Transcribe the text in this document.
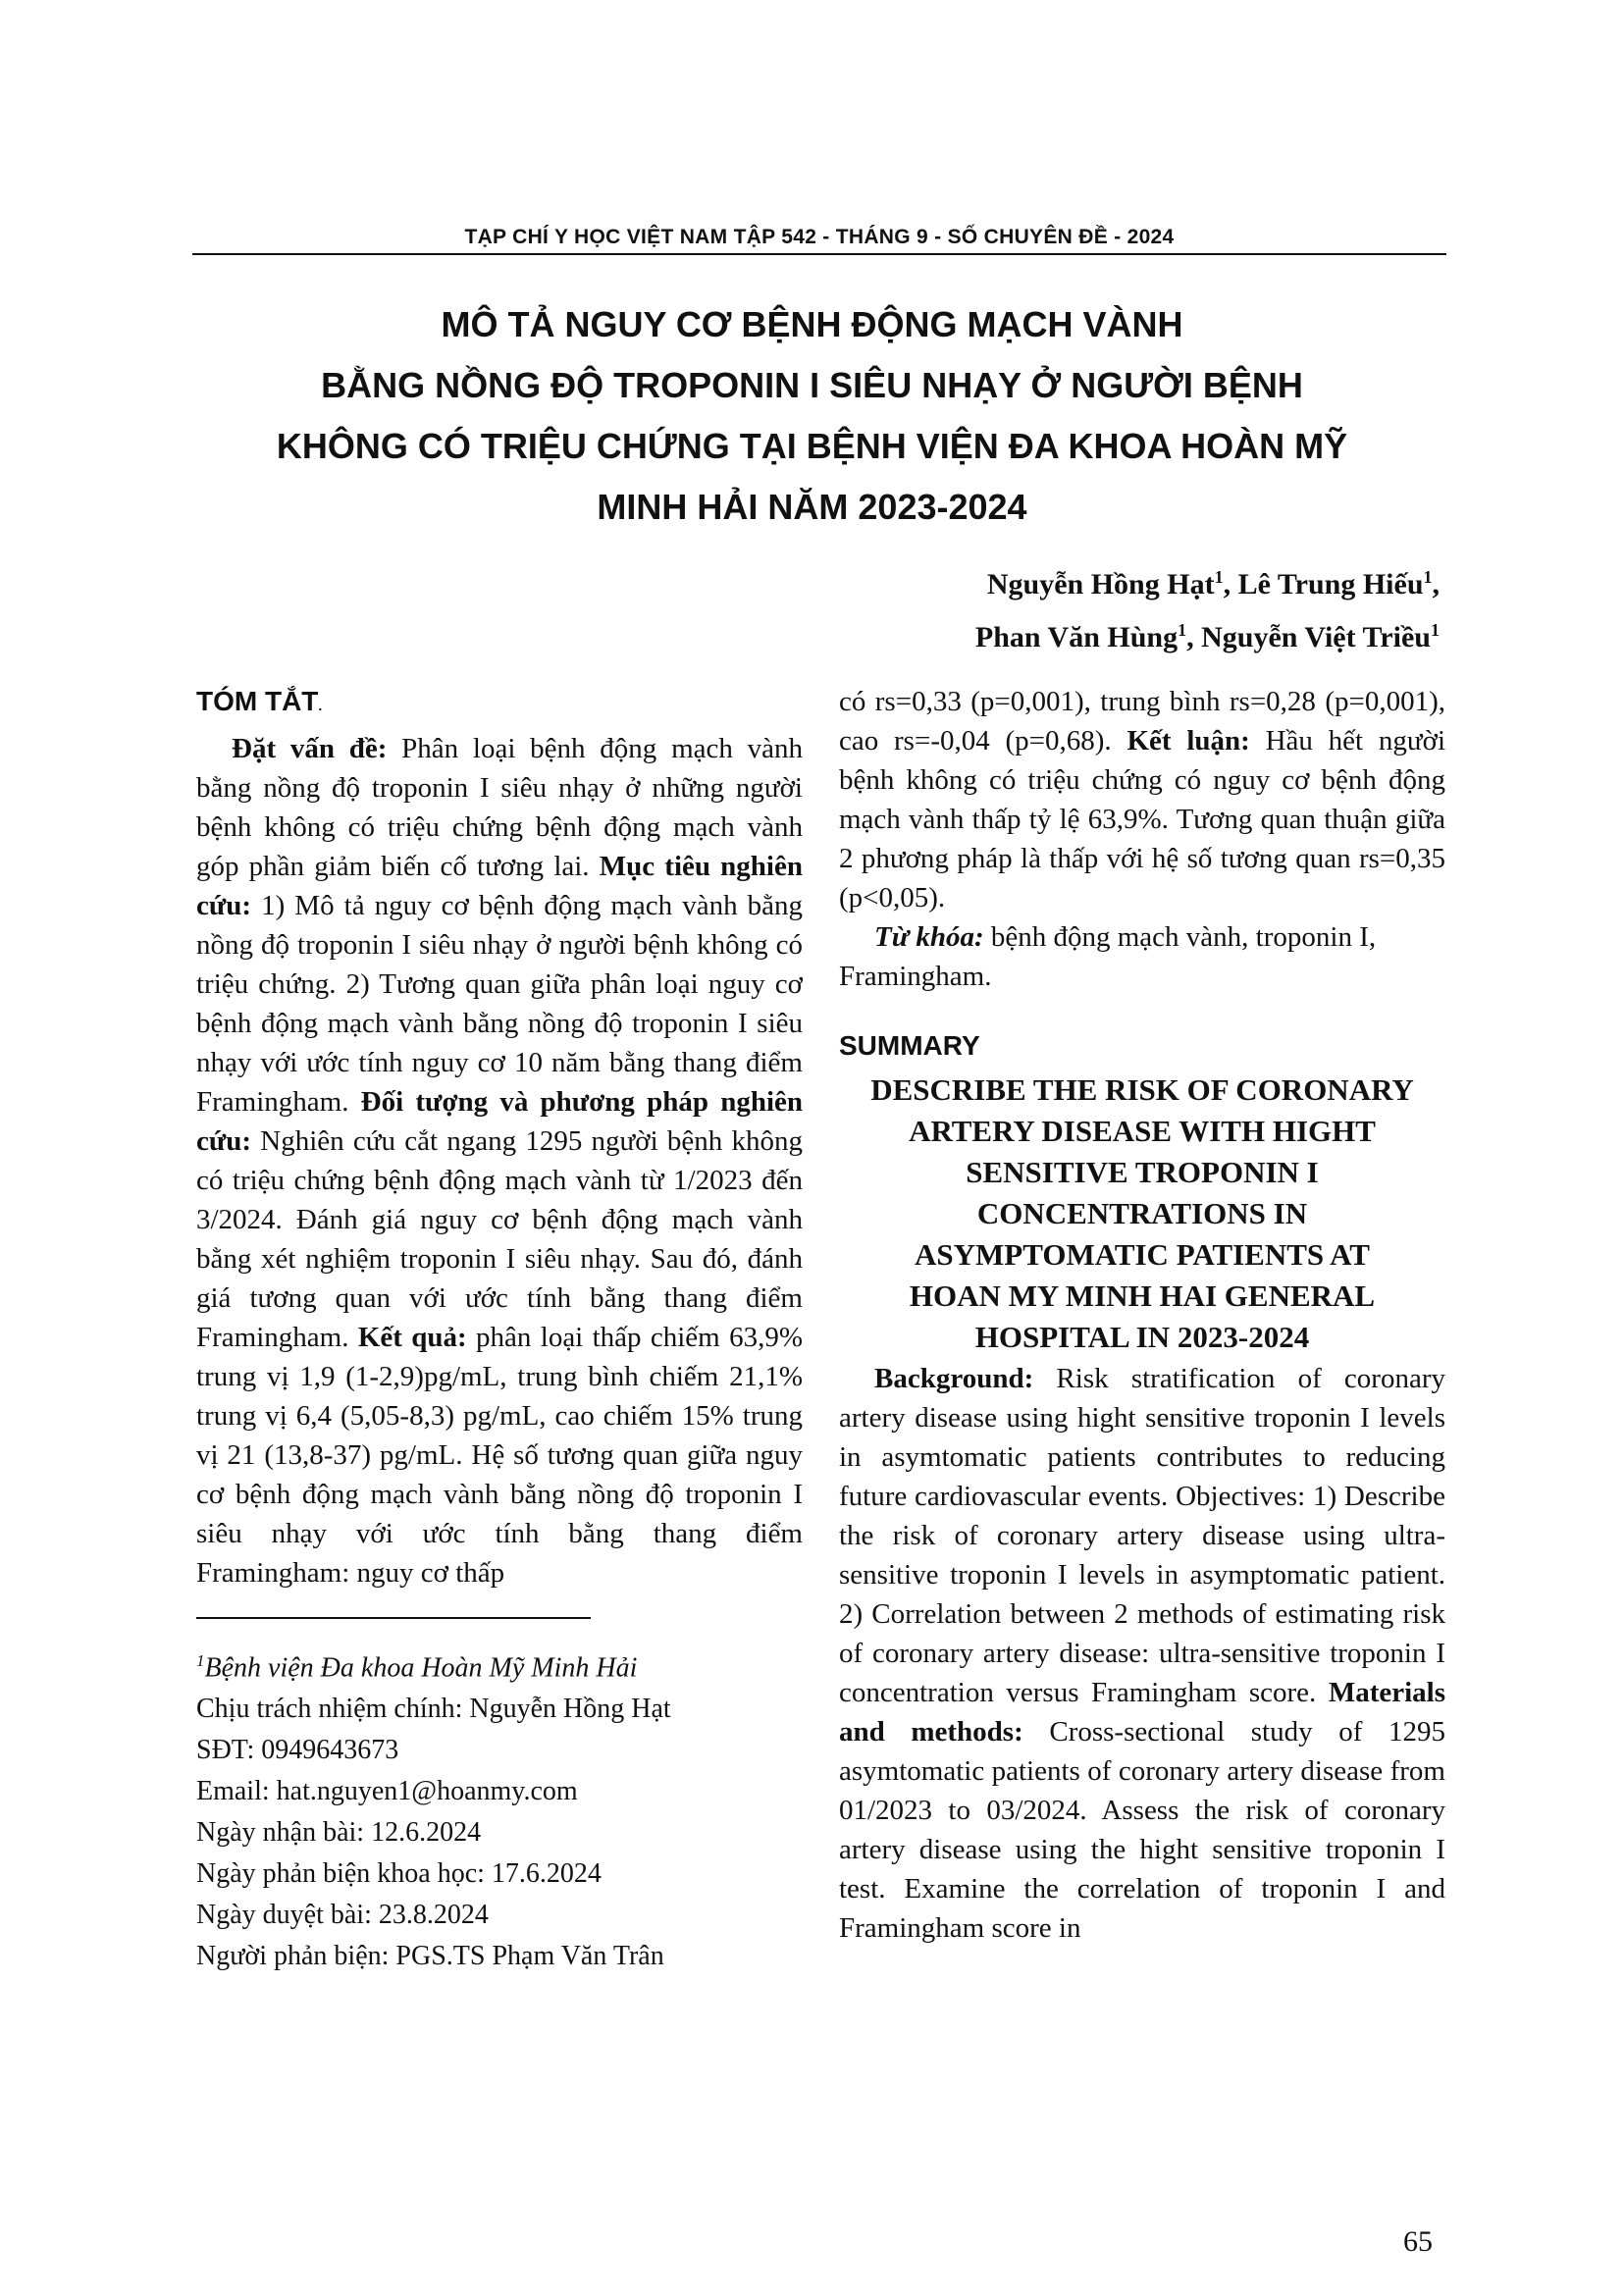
TẠP CHÍ Y HỌC VIỆT NAM TẬP 542 - THÁNG 9 - SỐ CHUYÊN ĐỀ - 2024
MÔ TẢ NGUY CƠ BỆNH ĐỘNG MẠCH VÀNH
BẰNG NỒNG ĐỘ TROPONIN I SIÊU NHẠY Ở NGƯỜI BỆNH
KHÔNG CÓ TRIỆU CHỨNG TẠI BỆNH VIỆN ĐA KHOA HOÀN MỸ
MINH HẢI NĂM 2023-2024
Nguyễn Hồng Hạt$^1$, Lê Trung Hiếu$^1$,
Phan Văn Hùng$^1$, Nguyễn Việt Triều$^1$
TÓM TẮT.
Đặt vấn đề: Phân loại bệnh động mạch vành bằng nồng độ troponin I siêu nhạy ở những người bệnh không có triệu chứng bệnh động mạch vành góp phần giảm biến cố tương lai. Mục tiêu nghiên cứu: 1) Mô tả nguy cơ bệnh động mạch vành bằng nồng độ troponin I siêu nhạy ở người bệnh không có triệu chứng. 2) Tương quan giữa phân loại nguy cơ bệnh động mạch vành bằng nồng độ troponin I siêu nhạy với ước tính nguy cơ 10 năm bằng thang điểm Framingham. Đối tượng và phương pháp nghiên cứu: Nghiên cứu cắt ngang 1295 người bệnh không có triệu chứng bệnh động mạch vành từ 1/2023 đến 3/2024. Đánh giá nguy cơ bệnh động mạch vành bằng xét nghiệm troponin I siêu nhạy. Sau đó, đánh giá tương quan với ước tính bằng thang điểm Framingham. Kết quả: phân loại thấp chiếm 63,9% trung vị 1,9 (1-2,9)pg/mL, trung bình chiếm 21,1% trung vị 6,4 (5,05-8,3) pg/mL, cao chiếm 15% trung vị 21 (13,8-37) pg/mL. Hệ số tương quan giữa nguy cơ bệnh động mạch vành bằng nồng độ troponin I siêu nhạy với ước tính bằng thang điểm Framingham: nguy cơ thấp
có rs=0,33 (p=0,001), trung bình rs=0,28 (p=0,001), cao rs=-0,04 (p=0,68). Kết luận: Hầu hết người bệnh không có triệu chứng có nguy cơ bệnh động mạch vành thấp tỷ lệ 63,9%. Tương quan thuận giữa 2 phương pháp là thấp với hệ số tương quan rs=0,35 (p<0,05).
Từ khóa: bệnh động mạch vành, troponin I, Framingham.
SUMMARY
DESCRIBE THE RISK OF CORONARY
ARTERY DISEASE WITH HIGHT
SENSITIVE TROPONIN I
CONCENTRATIONS IN
ASYMPTOMATIC PATIENTS AT
HOAN MY MINH HAI GENERAL
HOSPITAL IN 2023-2024
Background: Risk stratification of coronary artery disease using hight sensitive troponin I levels in asymtomatic patients contributes to reducing future cardiovascular events. Objectives: 1) Describe the risk of coronary artery disease using ultra-sensitive troponin I levels in asymptomatic patient. 2) Correlation between 2 methods of estimating risk of coronary artery disease: ultra-sensitive troponin I concentration versus Framingham score. Materials and methods: Cross-sectional study of 1295 asymtomatic patients of coronary artery disease from 01/2023 to 03/2024. Assess the risk of coronary artery disease using the hight sensitive troponin I test. Examine the correlation of troponin I and Framingham score in
$^1$Bệnh viện Đa khoa Hoàn Mỹ Minh Hải
Chịu trách nhiệm chính: Nguyễn Hồng Hạt
SĐT: 0949643673
Email: hat.nguyen1@hoanmy.com
Ngày nhận bài: 12.6.2024
Ngày phản biện khoa học: 17.6.2024
Ngày duyệt bài: 23.8.2024
Người phản biện: PGS.TS Phạm Văn Trân
65
